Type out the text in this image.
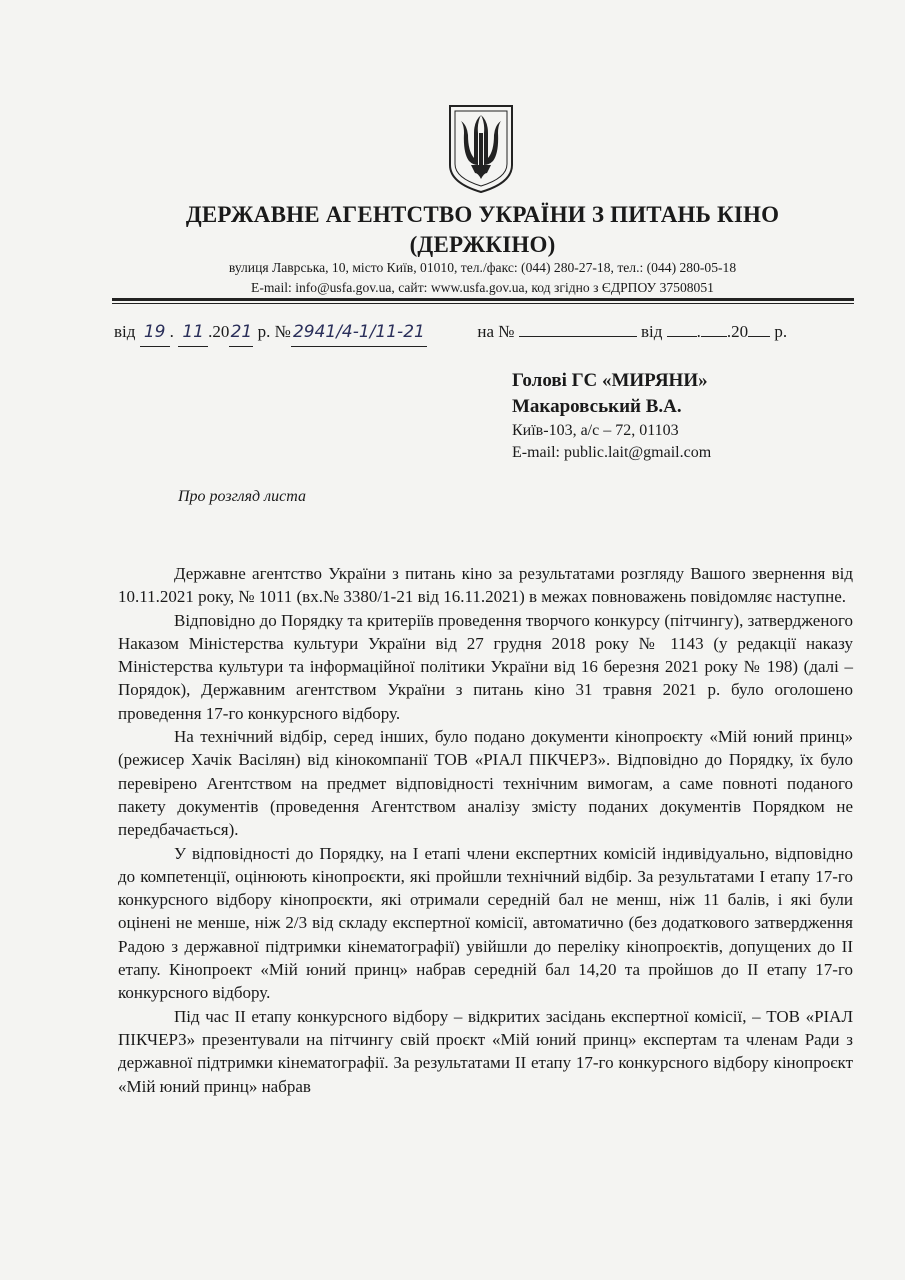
ДЕРЖАВНЕ АГЕНТСТВО УКРАЇНИ З ПИТАНЬ КІНО
(ДЕРЖКІНО)
вулиця Лаврська, 10, місто Київ, 01010, тел./факс: (044) 280-27-18, тел.: (044) 280-05-18
E-mail: info@usfa.gov.ua, сайт: www.usfa.gov.ua, код згідно з ЄДРПОУ 37508051
від 19 . 11 .2021 р. № 2941/4-1/11-21	на №	від . .20 р.
Голові ГС «МИРЯНИ»
Макаровський В.А.
Київ-103, а/с – 72, 01103
E-mail: public.lait@gmail.com
Про розгляд листа

Державне агентство України з питань кіно за результатами розгляду Вашого звернення від 10.11.2021 року, № 1011 (вх.№ 3380/1-21 від 16.11.2021) в межах повноважень повідомляє наступне.

Відповідно до Порядку та критеріїв проведення творчого конкурсу (пітчингу), затвердженого Наказом Міністерства культури України від 27 грудня 2018 року № 1143 (у редакції наказу Міністерства культури та інформаційної політики України від 16 березня 2021 року № 198) (далі – Порядок), Державним агентством України з питань кіно 31 травня 2021 р. було оголошено проведення 17-го конкурсного відбору.

На технічний відбір, серед інших, було подано документи кінопроєкту «Мій юний принц» (режисер Хачік Васілян) від кінокомпанії ТОВ «РІАЛ ПІКЧЕРЗ». Відповідно до Порядку, їх було перевірено Агентством на предмет відповідності технічним вимогам, а саме повноті поданого пакету документів (проведення Агентством аналізу змісту поданих документів Порядком не передбачається).

У відповідності до Порядку, на I етапі члени експертних комісій індивідуально, відповідно до компетенції, оцінюють кінопроєкти, які пройшли технічний відбір. За результатами I етапу 17-го конкурсного відбору кінопроєкти, які отримали середній бал не менш, ніж 11 балів, і які були оцінені не менше, ніж 2/3 від складу експертної комісії, автоматично (без додаткового затвердження Радою з державної підтримки кінематографії) увійшли до переліку кінопроєктів, допущених до II етапу. Кінопроект «Мій юний принц» набрав середній бал 14,20 та пройшов до II етапу 17-го конкурсного відбору.

Під час II етапу конкурсного відбору – відкритих засідань експертної комісії, – ТОВ «РІАЛ ПІКЧЕРЗ» презентували на пітчингу свій проєкт «Мій юний принц» експертам та членам Ради з державної підтримки кінематографії. За результатами II етапу 17-го конкурсного відбору кінопроєкт «Мій юний принц» набрав
